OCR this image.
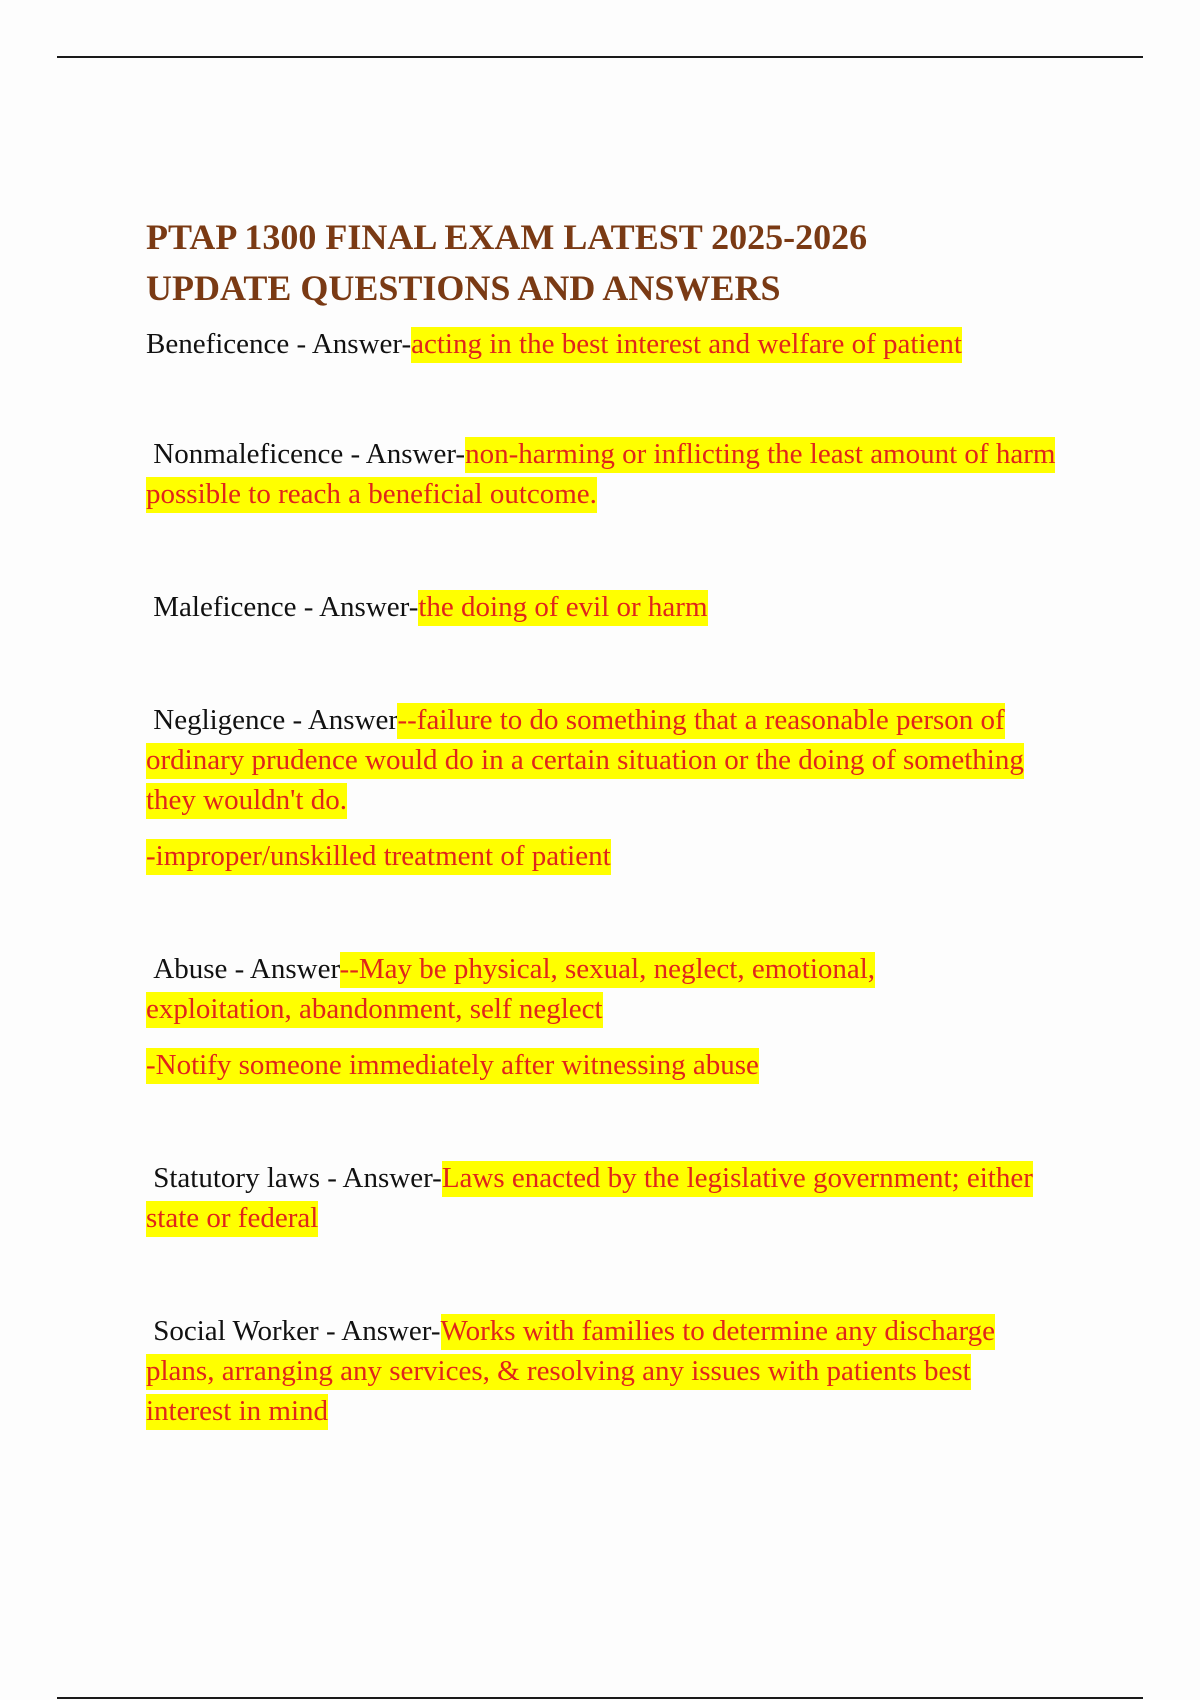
PTAP 1300 FINAL EXAM LATEST 2025-2026
UPDATE QUESTIONS AND ANSWERS

Beneficence - Answer-acting in the best interest and welfare of patient

Nonmaleficence - Answer-non-harming or inflicting the least amount of harm possible to reach a beneficial outcome.

Maleficence - Answer-the doing of evil or harm

Negligence - Answer--failure to do something that a reasonable person of ordinary prudence would do in a certain situation or the doing of something they wouldn't do.

-improper/unskilled treatment of patient

Abuse - Answer--May be physical, sexual, neglect, emotional, exploitation, abandonment, self neglect

-Notify someone immediately after witnessing abuse

Statutory laws - Answer-Laws enacted by the legislative government; either state or federal

Social Worker - Answer-Works with families to determine any discharge plans, arranging any services, & resolving any issues with patients best interest in mind
